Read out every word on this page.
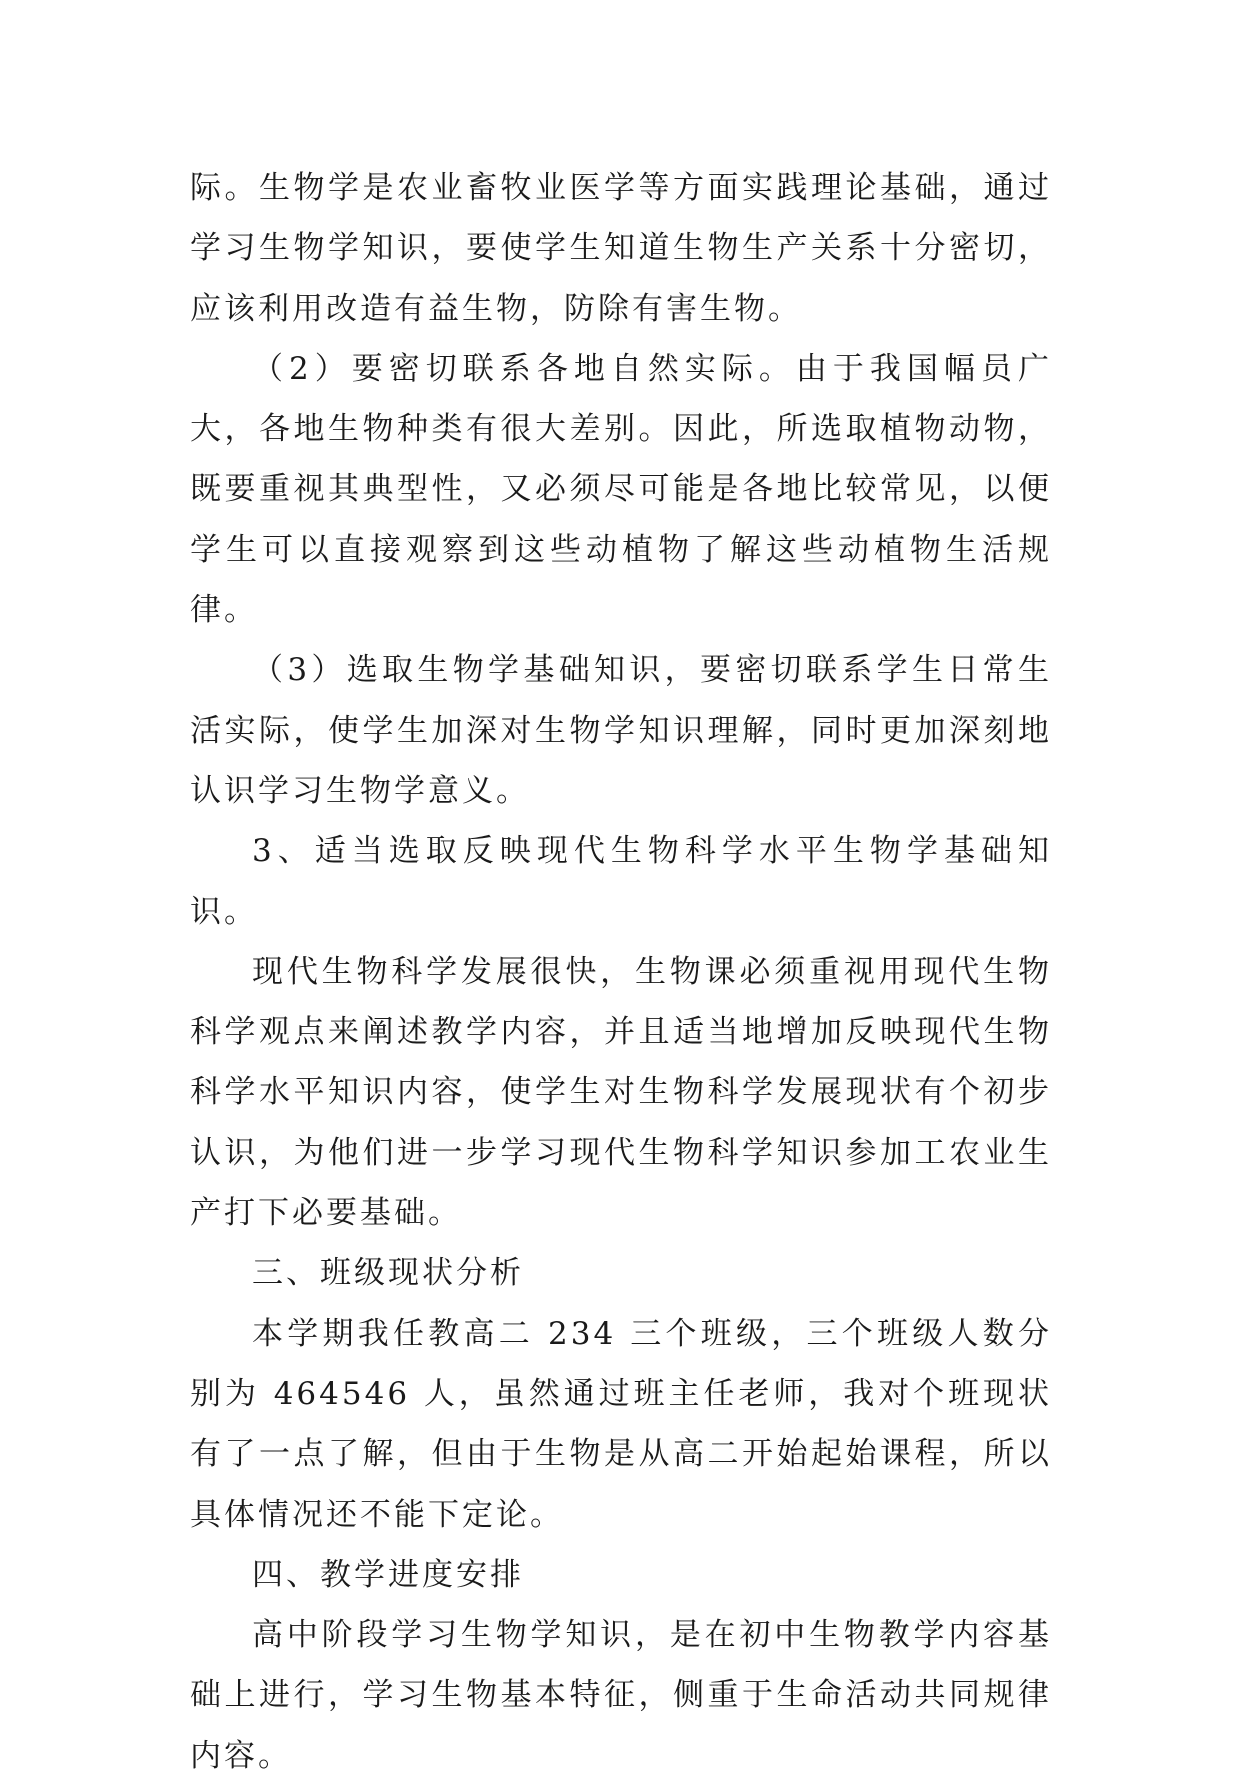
际。生物学是农业畜牧业医学等方面实践理论基础，通过学习生物学知识，要使学生知道生物生产关系十分密切，应该利用改造有益生物，防除有害生物。

（2）要密切联系各地自然实际。由于我国幅员广大，各地生物种类有很大差别。因此，所选取植物动物，既要重视其典型性，又必须尽可能是各地比较常见，以便学生可以直接观察到这些动植物了解这些动植物生活规律。

（3）选取生物学基础知识，要密切联系学生日常生活实际，使学生加深对生物学知识理解，同时更加深刻地认识学习生物学意义。

3、适当选取反映现代生物科学水平生物学基础知识。

现代生物科学发展很快，生物课必须重视用现代生物科学观点来阐述教学内容，并且适当地增加反映现代生物科学水平知识内容，使学生对生物科学发展现状有个初步认识，为他们进一步学习现代生物科学知识参加工农业生产打下必要基础。

三、班级现状分析

本学期我任教高二 234 三个班级，三个班级人数分别为 464546 人，虽然通过班主任老师，我对个班现状有了一点了解，但由于生物是从高二开始起始课程，所以具体情况还不能下定论。

四、教学进度安排

高中阶段学习生物学知识，是在初中生物教学内容基础上进行，学习生物基本特征，侧重于生命活动共同规律内容。
